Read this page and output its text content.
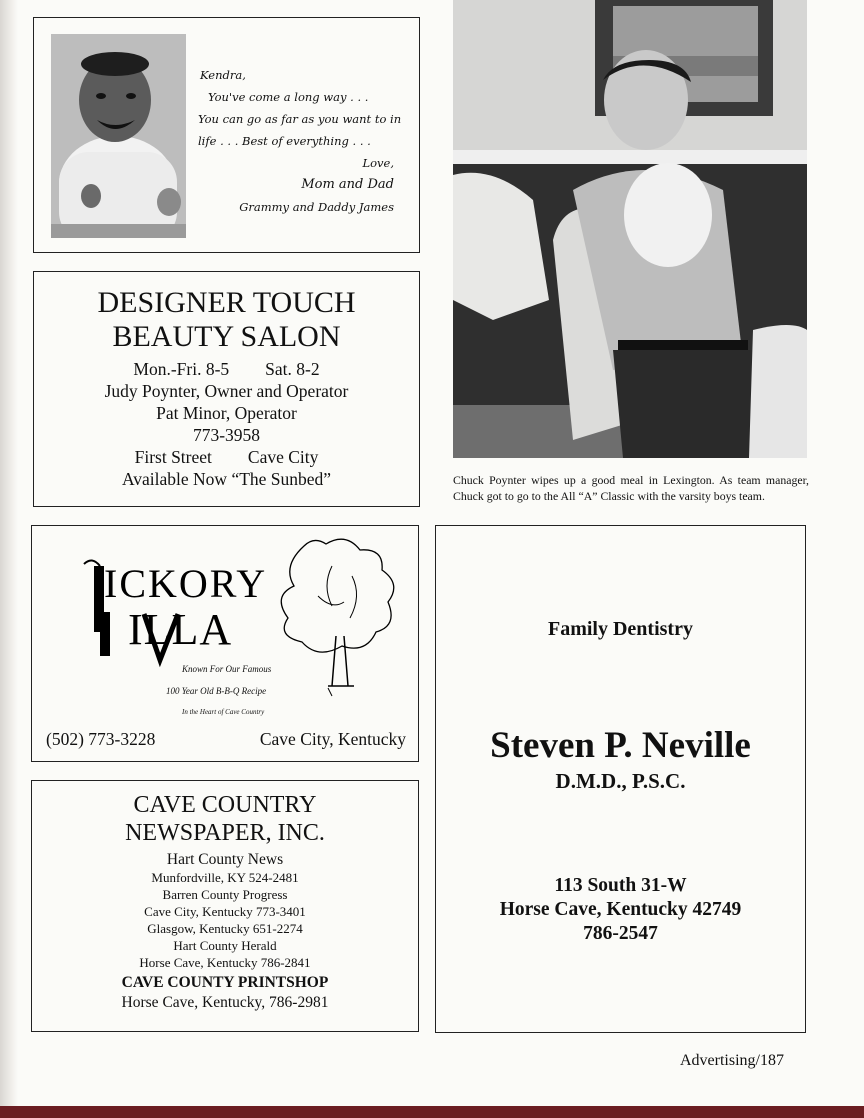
Kendra,
You've come a long way . . .
You can go as far as you want to in
life . . . Best of everything . . .
Love,
Mom and Dad
Grammy and Daddy James
DESIGNER TOUCH
BEAUTY SALON
Mon.-Fri. 8-5 Sat. 8-2
Judy Poynter, Owner and Operator
Pat Minor, Operator
773-3958
First Street Cave City
Available Now “The Sunbed”	Chuck Poynter wipes up a good meal in Lexington. As team manager, Chuck got to go to the All “A” Classic with the varsity boys team.
ICKORY
ILLA
Known For Our Famous
100 Year Old B-B-Q Recipe
In the Heart of Cave Country
(502) 773-3228	Cave City, Kentucky
CAVE COUNTRY
NEWSPAPER, INC.
Hart County News
Munfordville, KY 524-2481
Barren County Progress
Cave City, Kentucky 773-3401
Glasgow, Kentucky 651-2274
Hart County Herald
Horse Cave, Kentucky 786-2841
CAVE COUNTY PRINTSHOP
Horse Cave, Kentucky, 786-2981
Family Dentistry
Steven P. Neville
D.M.D., P.S.C.
113 South 31-W
Horse Cave, Kentucky 42749
786-2547
Advertising/187
